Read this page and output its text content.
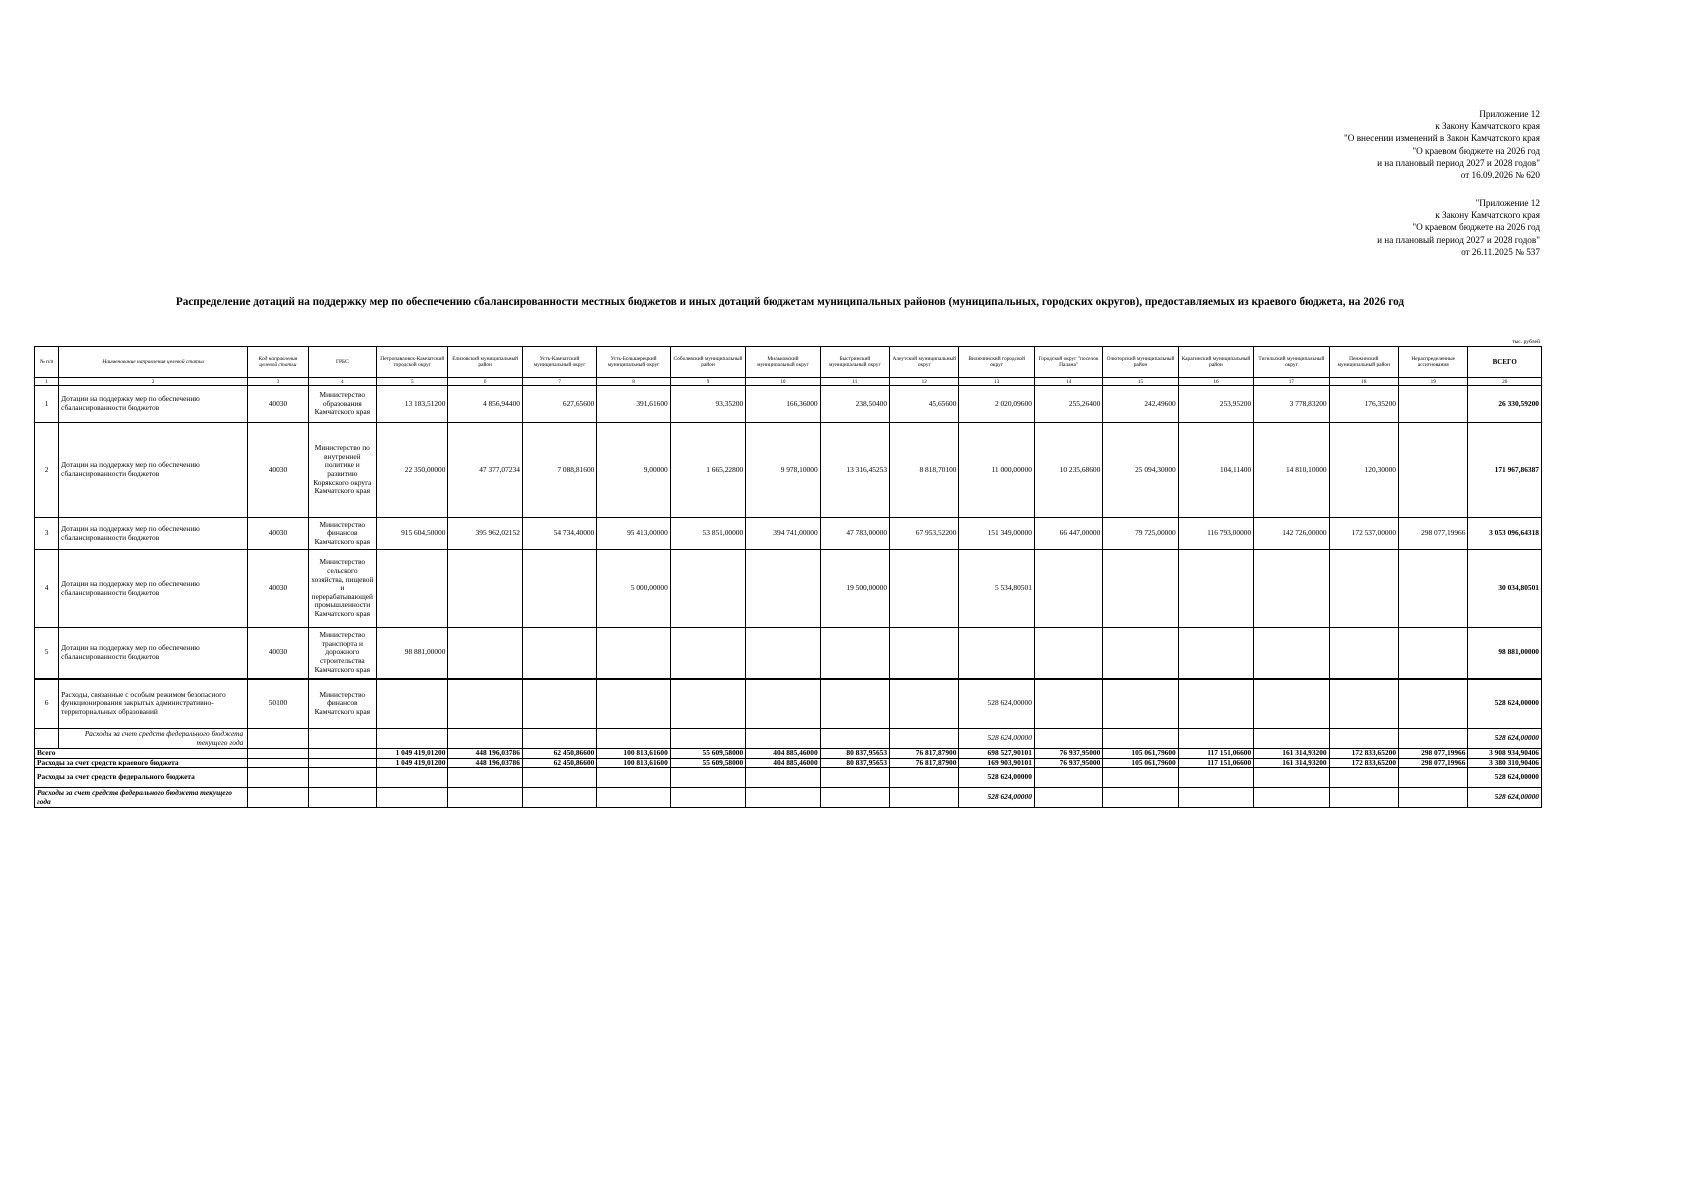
Приложение 12
к Закону Камчатского края
"О внесении изменений в Закон Камчатского края
"О краевом бюджете на 2026 год
и на плановый период 2027 и 2028 годов"
от 16.09.2026 № 620
"Приложение 12
к Закону Камчатского края
"О краевом бюджете на 2026 год
и на плановый период 2027 и 2028 годов"
от 26.11.2025 № 537
Распределение дотаций на поддержку мер по обеспечению сбалансированности местных бюджетов и иных дотаций бюджетам муниципальных районов (муниципальных, городских округов), предоставляемых из краевого бюджета, на 2026 год
тыс. рублей
№ п/п	Наименование направления целевой статьи	Код направления целевой статьи	ГРБС	Петропавловск-Камчатский городской округ	Елизовский муниципальный район	Усть-Камчатский муниципальный округ	Усть-Большерецкий муниципальный округ	Соболевский муниципальный район	Мильковский муниципальный округ	Быстринский муниципальный округ	Алеутский муниципальный округ	Вилючинский городской округ	Городской округ "поселок Палана"	Олюторский муниципальный район	Карагинский муниципальный район	Тигильский муниципальный округ	Пенжинский муниципальный район	Нераспределенные ассигнования	ВСЕГО
1	2	3	4	5	6	7	8	9	10	11	12	13	14	15	16	17	18	19	20
1	Дотации на поддержку мер по обеспечению сбалансированности бюджетов	40030	Министерство образования Камчатского края	13 183,51200	4 856,94400	627,65600	391,61600	93,35200	166,36000	238,50400	45,65600	2 020,09600	255,26400	242,49600	253,95200	3 778,83200	176,35200		26 330,59200
2	Дотации на поддержку мер по обеспечению сбалансированности бюджетов	40030	Министерство по внутренней политике и развитию Корякского округа Камчатского края	22 350,00000	47 377,07234	7 088,81600	9,00000	1 665,22800	9 978,10000	13 316,45253	8 818,70100	11 000,00000	10 235,68600	25 094,30000	104,11400	14 810,10000	120,30000		171 967,86387
3	Дотации на поддержку мер по обеспечению сбалансированности бюджетов	40030	Министерство финансов Камчатского края	915 604,50000	395 962,02152	54 734,40000	95 413,00000	53 851,00000	394 741,00000	47 783,00000	67 953,52200	151 349,00000	66 447,00000	79 725,00000	116 793,00000	142 726,00000	172 537,00000	298 077,19966	3 053 096,64318
4	Дотации на поддержку мер по обеспечению сбалансированности бюджетов	40030	Министерство сельского хозяйства, пищевой и перерабатывающей промышленности Камчатского края				5 000,00000			19 500,00000		5 534,80501							30 034,80501
5	Дотации на поддержку мер по обеспечению сбалансированности бюджетов	40030	Министерство транспорта и дорожного строительства Камчатского края	98 881,00000															98 881,00000
6	Расходы, связанные с особым режимом безопасного функционирования закрытых административно-территориальных образований	50100	Министерство финансов Камчатского края									528 624,00000							528 624,00000
	Расходы за счет средств федерального бюджета текущего года											528 624,00000							528 624,00000
Всего				1 049 419,01200	448 196,03786	62 450,86600	100 813,61600	55 609,58000	404 885,46000	80 837,95653	76 817,87900	698 527,90101	76 937,95000	105 061,79600	117 151,06600	161 314,93200	172 833,65200	298 077,19966	3 908 934,90406
Расходы за счет средств краевого бюджета				1 049 419,01200	448 196,03786	62 450,86600	100 813,61600	55 609,58000	404 885,46000	80 837,95653	76 817,87900	169 903,90101	76 937,95000	105 061,79600	117 151,06600	161 314,93200	172 833,65200	298 077,19966	3 380 310,90406
Расходы за счет средств федерального бюджета												528 624,00000							528 624,00000
Расходы за счет средств федерального бюджета текущего года												528 624,00000							528 624,00000
.
